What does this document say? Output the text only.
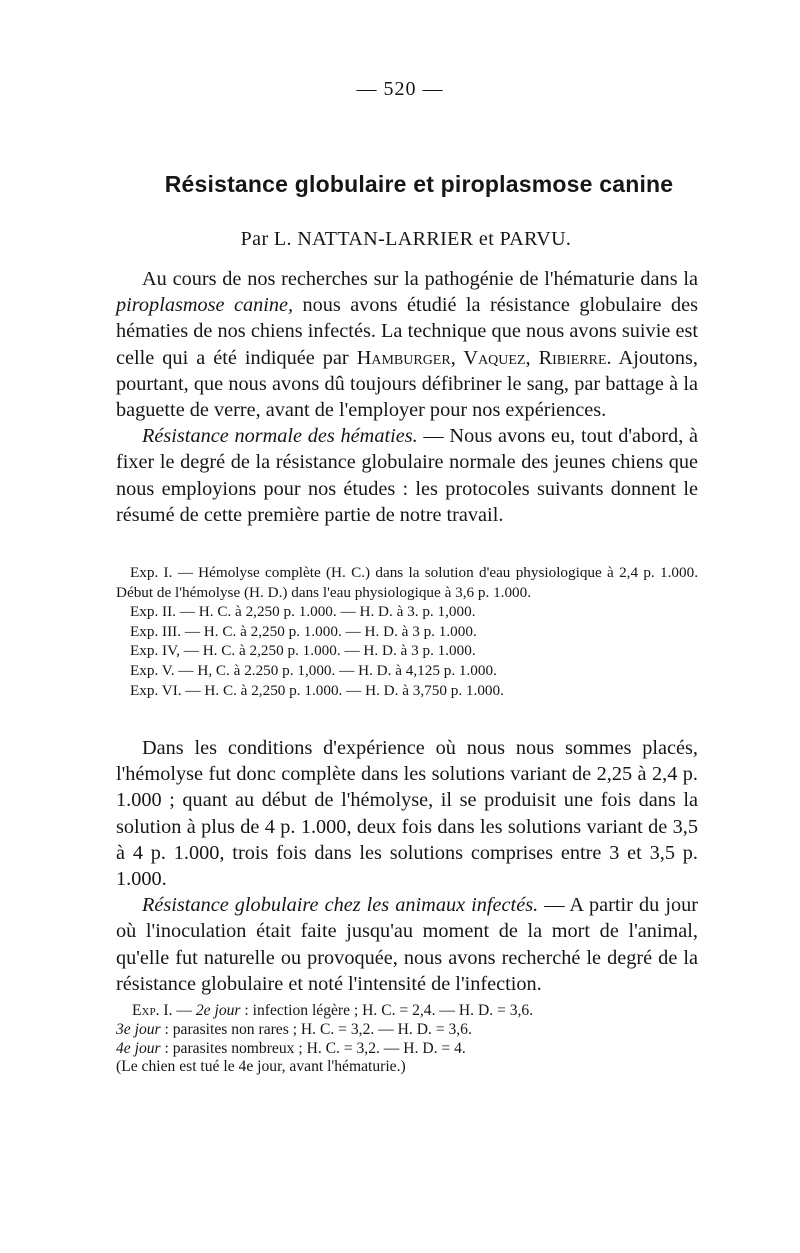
— 520 —
Résistance globulaire et piroplasmose canine
Par L. NATTAN-LARRIER et PARVU.

Au cours de nos recherches sur la pathogénie de l'hématurie dans la piroplasmose canine, nous avons étudié la résistance globulaire des hématies de nos chiens infectés. La technique que nous avons suivie est celle qui a été indiquée par Hamburger, Vaquez, Ribierre. Ajoutons, pourtant, que nous avons dû toujours défibriner le sang, par battage à la baguette de verre, avant de l'employer pour nos expériences.

Résistance normale des hématies. — Nous avons eu, tout d'abord, à fixer le degré de la résistance globulaire normale des jeunes chiens que nous employions pour nos études : les protocoles suivants donnent le résumé de cette première partie de notre travail.

Exp. I. — Hémolyse complète (H. C.) dans la solution d'eau physiologique à 2,4 p. 1.000. Début de l'hémolyse (H. D.) dans l'eau physiologique à 3,6 p. 1.000.

Exp. II. — H. C. à 2,250 p. 1.000. — H. D. à 3. p. 1,000.

Exp. III. — H. C. à 2,250 p. 1.000. — H. D. à 3 p. 1.000.

Exp. IV, — H. C. à 2,250 p. 1.000. — H. D. à 3 p. 1.000.

Exp. V. — H, C. à 2.250 p. 1,000. — H. D. à 4,125 p. 1.000.

Exp. VI. — H. C. à 2,250 p. 1.000. — H. D. à 3,750 p. 1.000.

Dans les conditions d'expérience où nous nous sommes placés, l'hémolyse fut donc complète dans les solutions variant de 2,25 à 2,4 p. 1.000 ; quant au début de l'hémolyse, il se produisit une fois dans la solution à plus de 4 p. 1.000, deux fois dans les solutions variant de 3,5 à 4 p. 1.000, trois fois dans les solutions comprises entre 3 et 3,5 p. 1.000.

Résistance globulaire chez les animaux infectés. — A partir du jour où l'inoculation était faite jusqu'au moment de la mort de l'animal, qu'elle fut naturelle ou provoquée, nous avons recherché le degré de la résistance globulaire et noté l'intensité de l'infection.

Exp. I. — 2e jour : infection légère ; H. C. = 2,4. — H. D. = 3,6.

3e jour : parasites non rares ; H. C. = 3,2. — H. D. = 3,6.

4e jour : parasites nombreux ; H. C. = 3,2. — H. D. = 4.

(Le chien est tué le 4e jour, avant l'hématurie.)
